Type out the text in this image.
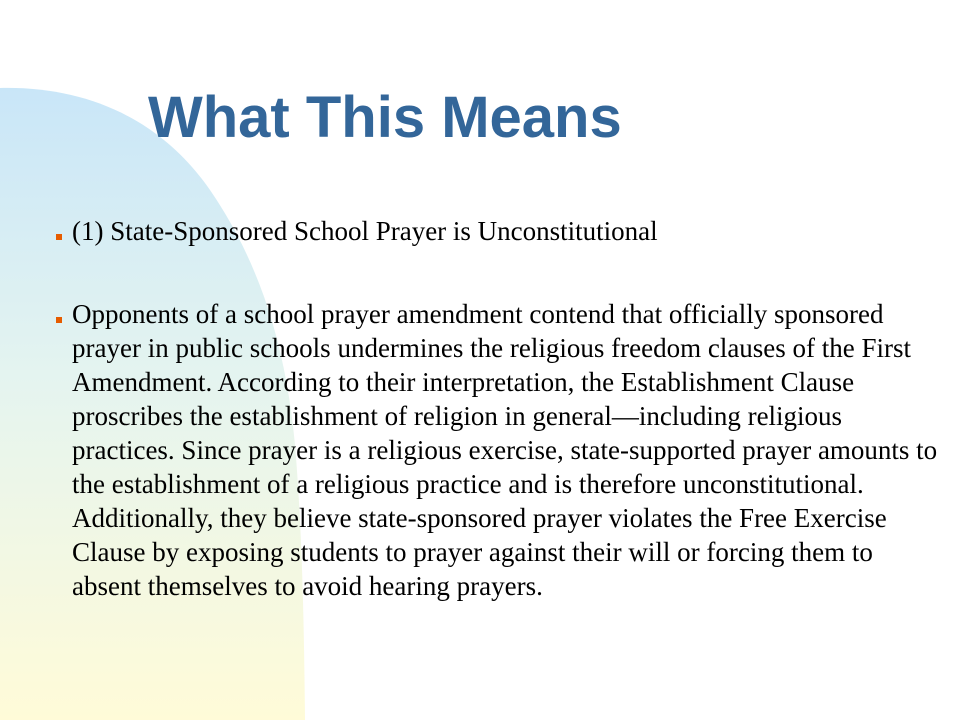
What This Means
(1) State-Sponsored School Prayer is Unconstitutional
Opponents of a school prayer amendment contend that officially sponsored prayer in public schools undermines the religious freedom clauses of the First Amendment. According to their interpretation, the Establishment Clause proscribes the establishment of religion in general—including religious practices. Since prayer is a religious exercise, state-supported prayer amounts to the establishment of a religious practice and is therefore unconstitutional. Additionally, they believe state-sponsored prayer violates the Free Exercise Clause by exposing students to prayer against their will or forcing them to absent themselves to avoid hearing prayers.
